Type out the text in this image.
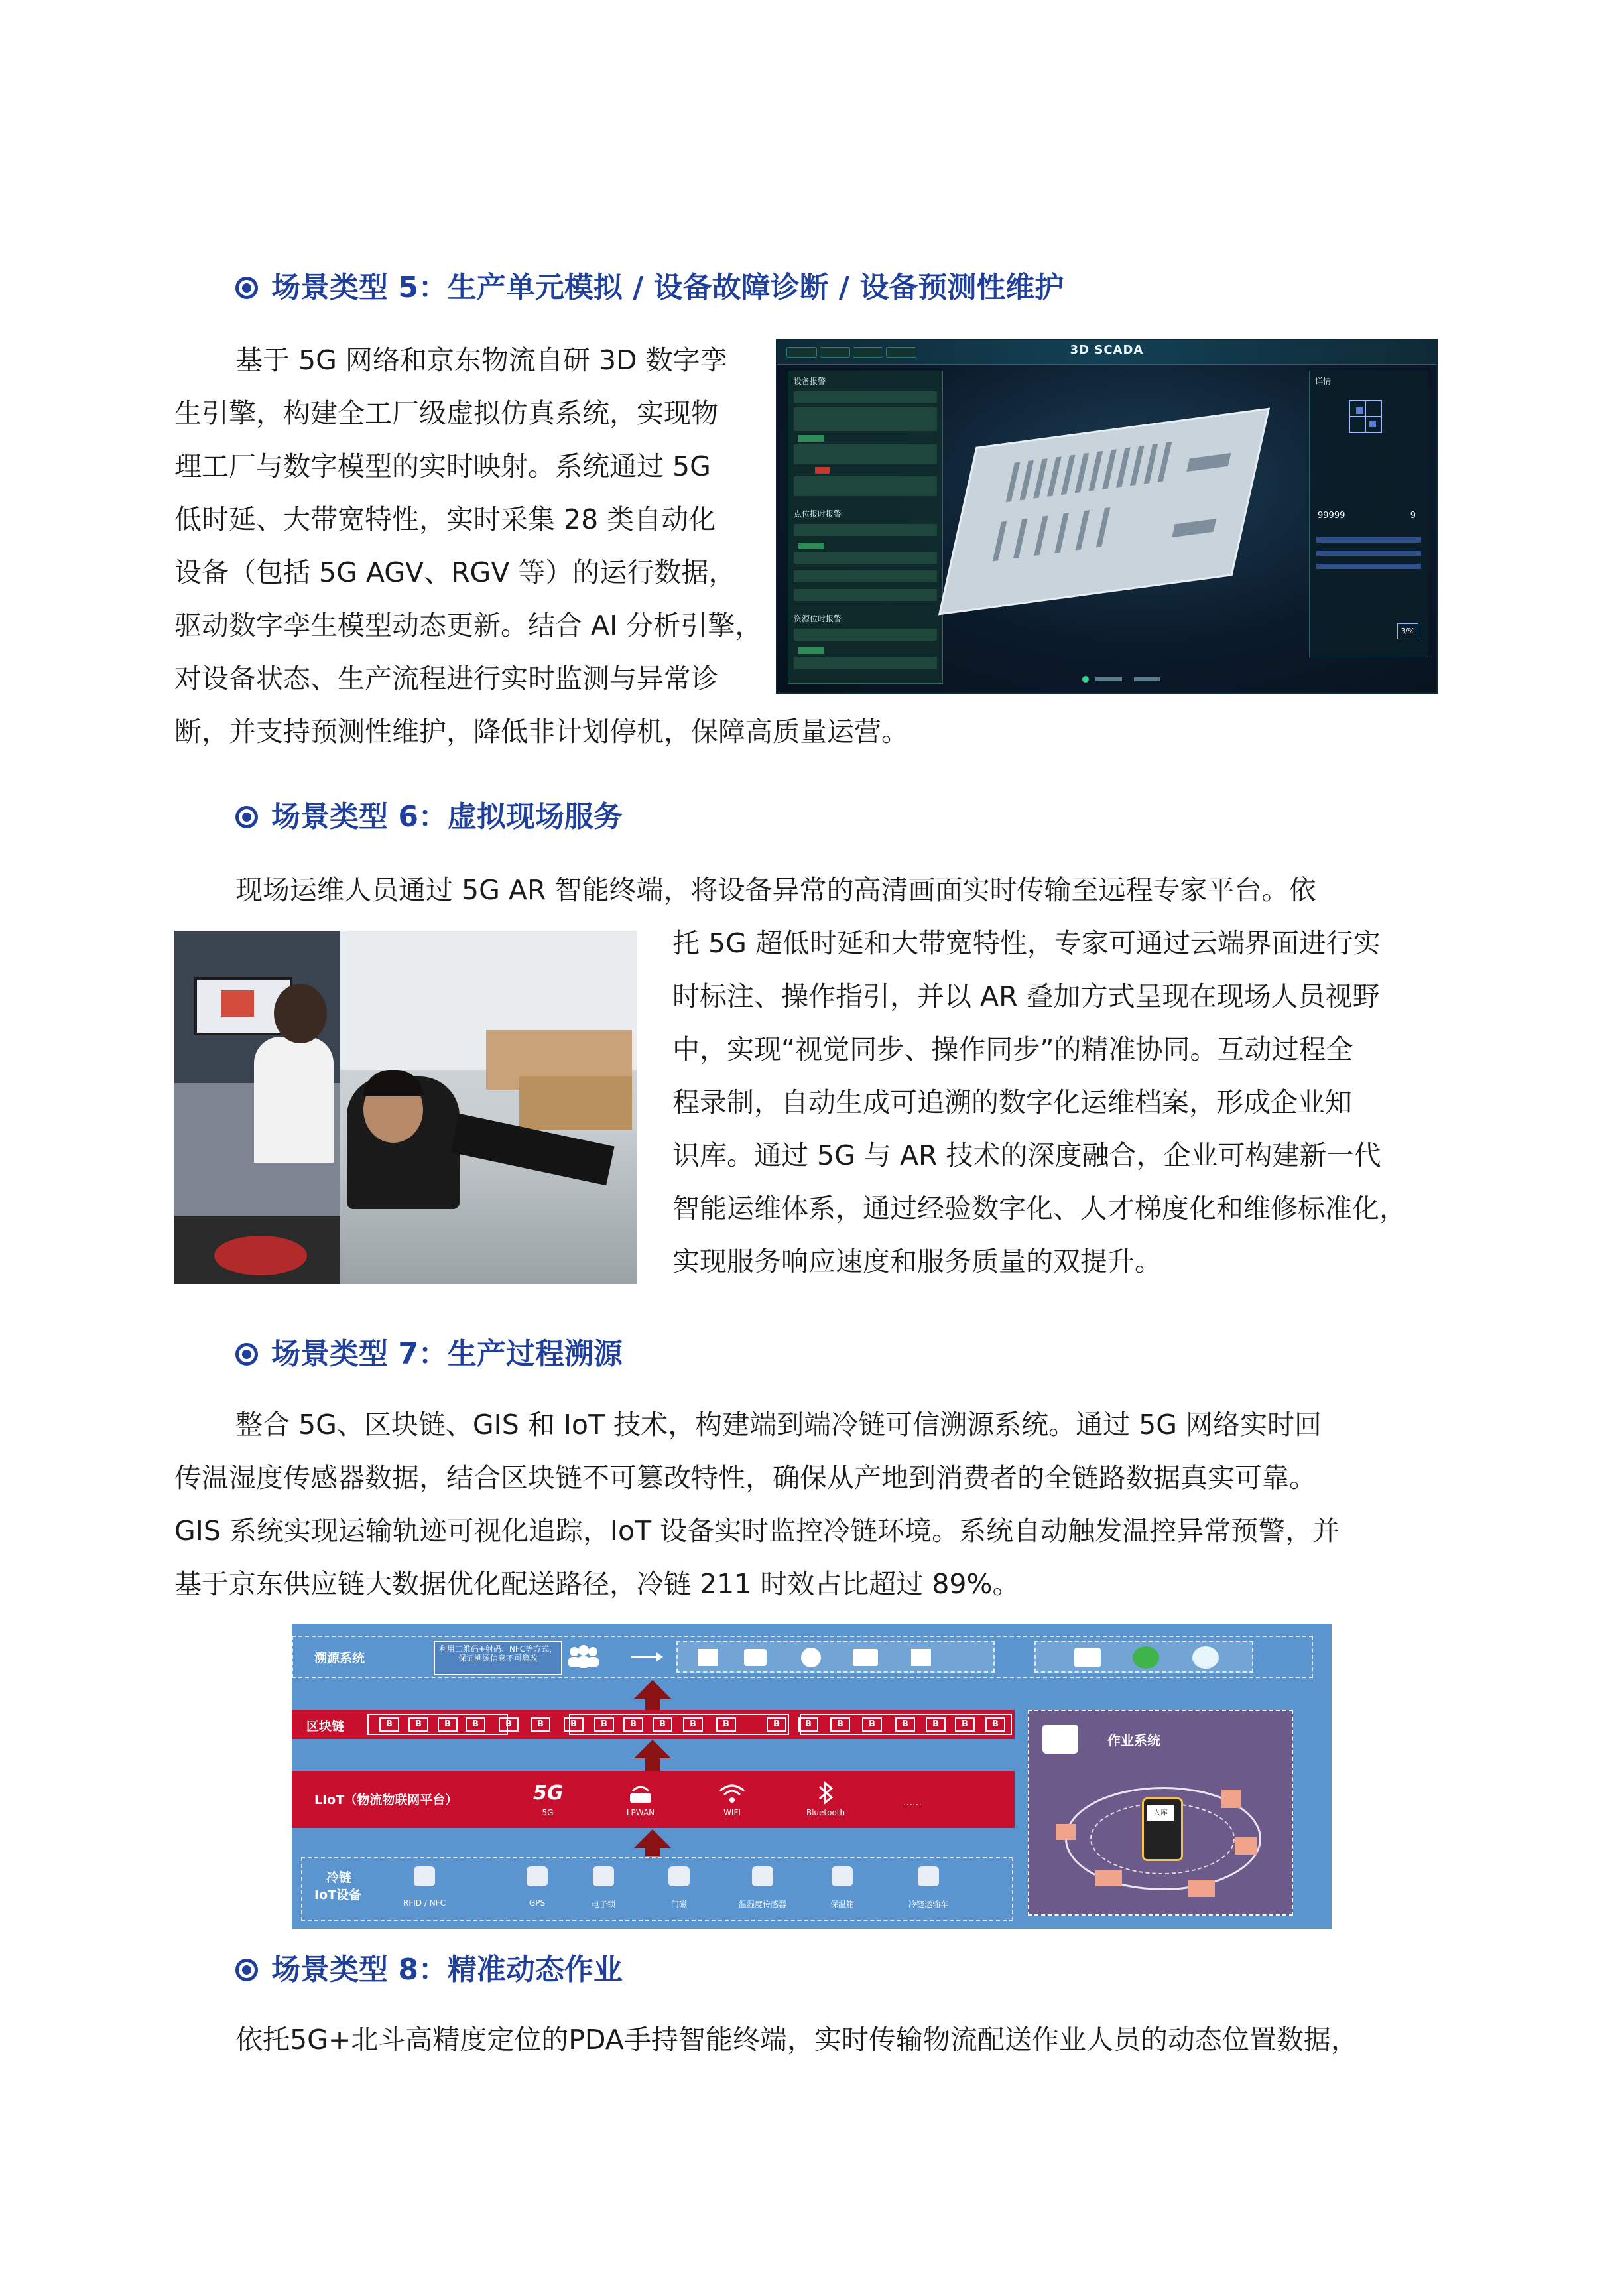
场景类型 5：生产单元模拟 / 设备故障诊断 / 设备预测性维护
基于 5G 网络和京东物流自研 3D 数字孪
生引擎，构建全工厂级虚拟仿真系统，实现物
理工厂与数字模型的实时映射。系统通过 5G
低时延、大带宽特性，实时采集 28 类自动化
设备（包括 5G AGV、RGV 等）的运行数据，
驱动数字孪生模型动态更新。结合 AI 分析引擎，
对设备状态、生产流程进行实时监测与异常诊
断，并支持预测性维护，降低非计划停机，保障高质量运营。
3D SCADA
设备报警
点位报时报警
资源位时报警
详情
99999	9
3/%
场景类型 6：虚拟现场服务
现场运维人员通过 5G AR 智能终端，将设备异常的高清画面实时传输至远程专家平台。依
托 5G 超低时延和大带宽特性，专家可通过云端界面进行实
时标注、操作指引，并以 AR 叠加方式呈现在现场人员视野
中，实现“视觉同步、操作同步”的精准协同。互动过程全
程录制，自动生成可追溯的数字化运维档案，形成企业知
识库。通过 5G 与 AR 技术的深度融合，企业可构建新一代
智能运维体系，通过经验数字化、人才梯度化和维修标准化，
实现服务响应速度和服务质量的双提升。
场景类型 7：生产过程溯源
整合 5G、区块链、GIS 和 IoT 技术，构建端到端冷链可信溯源系统。通过 5G 网络实时回
传温湿度传感器数据，结合区块链不可篡改特性，确保从产地到消费者的全链路数据真实可靠。
GIS 系统实现运输轨迹可视化追踪，IoT 设备实时监控冷链环境。系统自动触发温控异常预警，并
基于京东供应链大数据优化配送路径，冷链 211 时效占比超过 89%。
溯源系统
利用二维码+射码、NFC等方式，保证溯源信息不可篡改
区块链	B	B	B	B	B	B	B	B	B	B	B	B	B	B	B	B	B	B	B	B
LIoT（物流物联网平台）	5G
5G	LPWAN	WIFI	Bluetooth
……
冷链
IoT设备
RFID / NFC	GPS	电子锁	门磁	温湿度传感器	保温箱	冷链运输车
作业系统
人库
场景类型 8：精准动态作业
依托5G+北斗高精度定位的PDA手持智能终端，实时传输物流配送作业人员的动态位置数据，
